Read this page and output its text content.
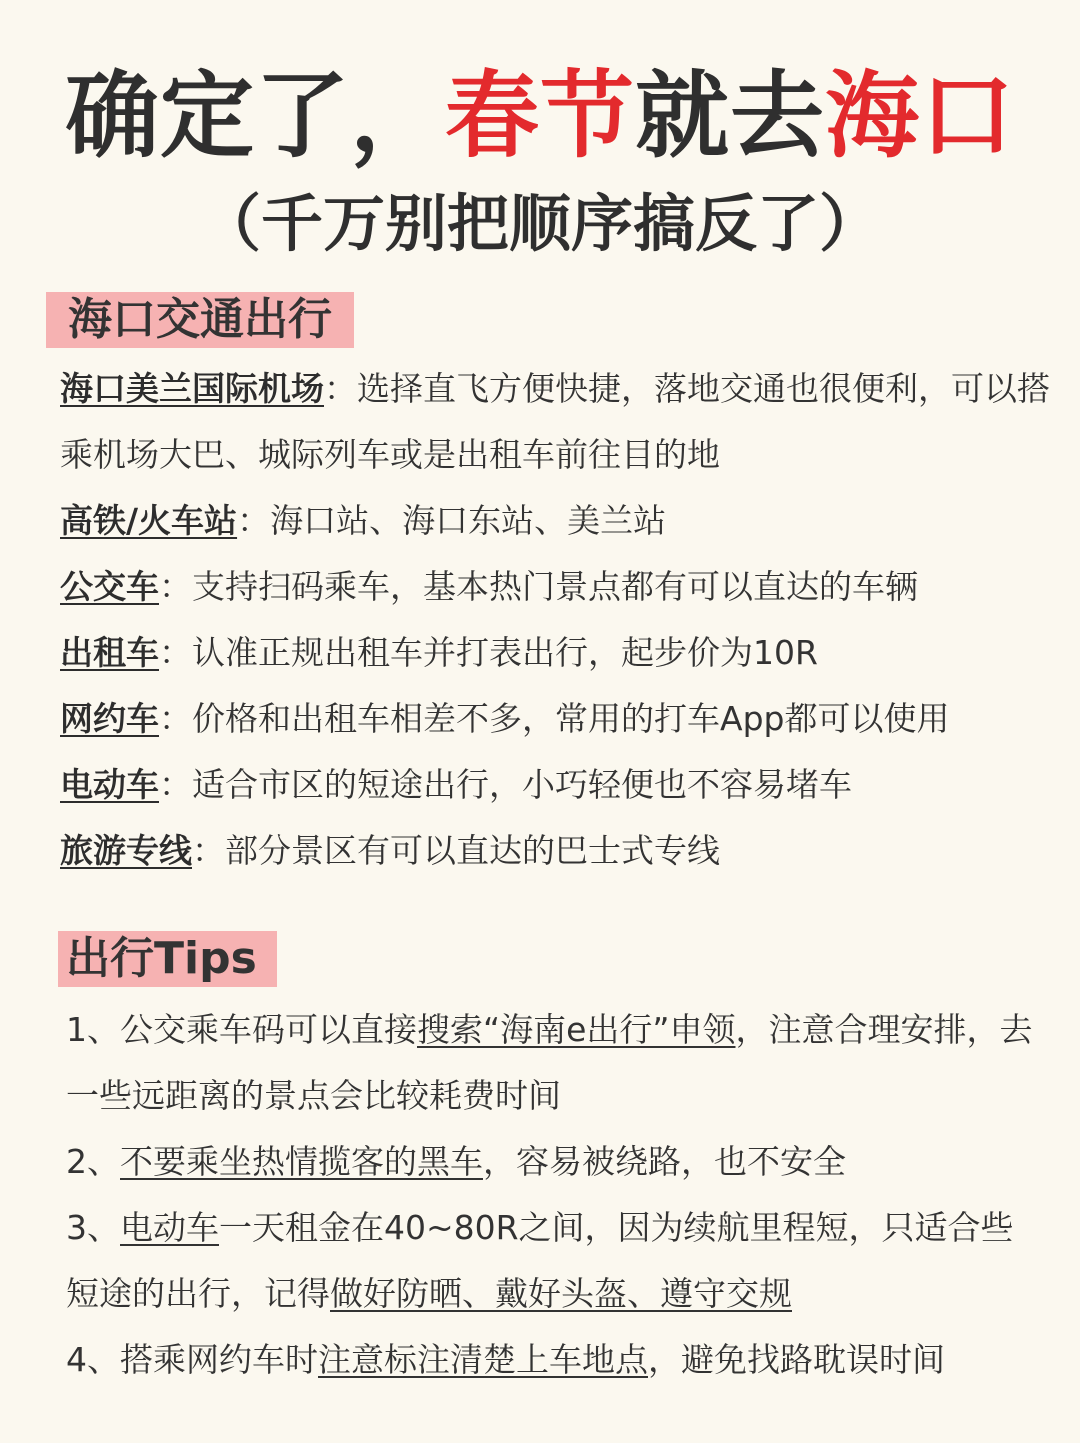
确定了，春节就去海口
（千万别把顺序搞反了）
海口交通出行
海口美兰国际机场：选择直飞方便快捷，落地交通也很便利，可以搭乘机场大巴、城际列车或是出租车前往目的地
高铁/火车站：海口站、海口东站、美兰站
公交车：支持扫码乘车，基本热门景点都有可以直达的车辆
出租车：认准正规出租车并打表出行，起步价为10R
网约车：价格和出租车相差不多，常用的打车App都可以使用
电动车：适合市区的短途出行，小巧轻便也不容易堵车
旅游专线：部分景区有可以直达的巴士式专线
出行Tips
1、公交乘车码可以直接搜索“海南e出行”申领，注意合理安排，去一些远距离的景点会比较耗费时间
2、不要乘坐热情揽客的黑车，容易被绕路，也不安全
3、电动车一天租金在40~80R之间，因为续航里程短，只适合些短途的出行，记得做好防晒、戴好头盔、遵守交规
4、搭乘网约车时注意标注清楚上车地点，避免找路耽误时间
